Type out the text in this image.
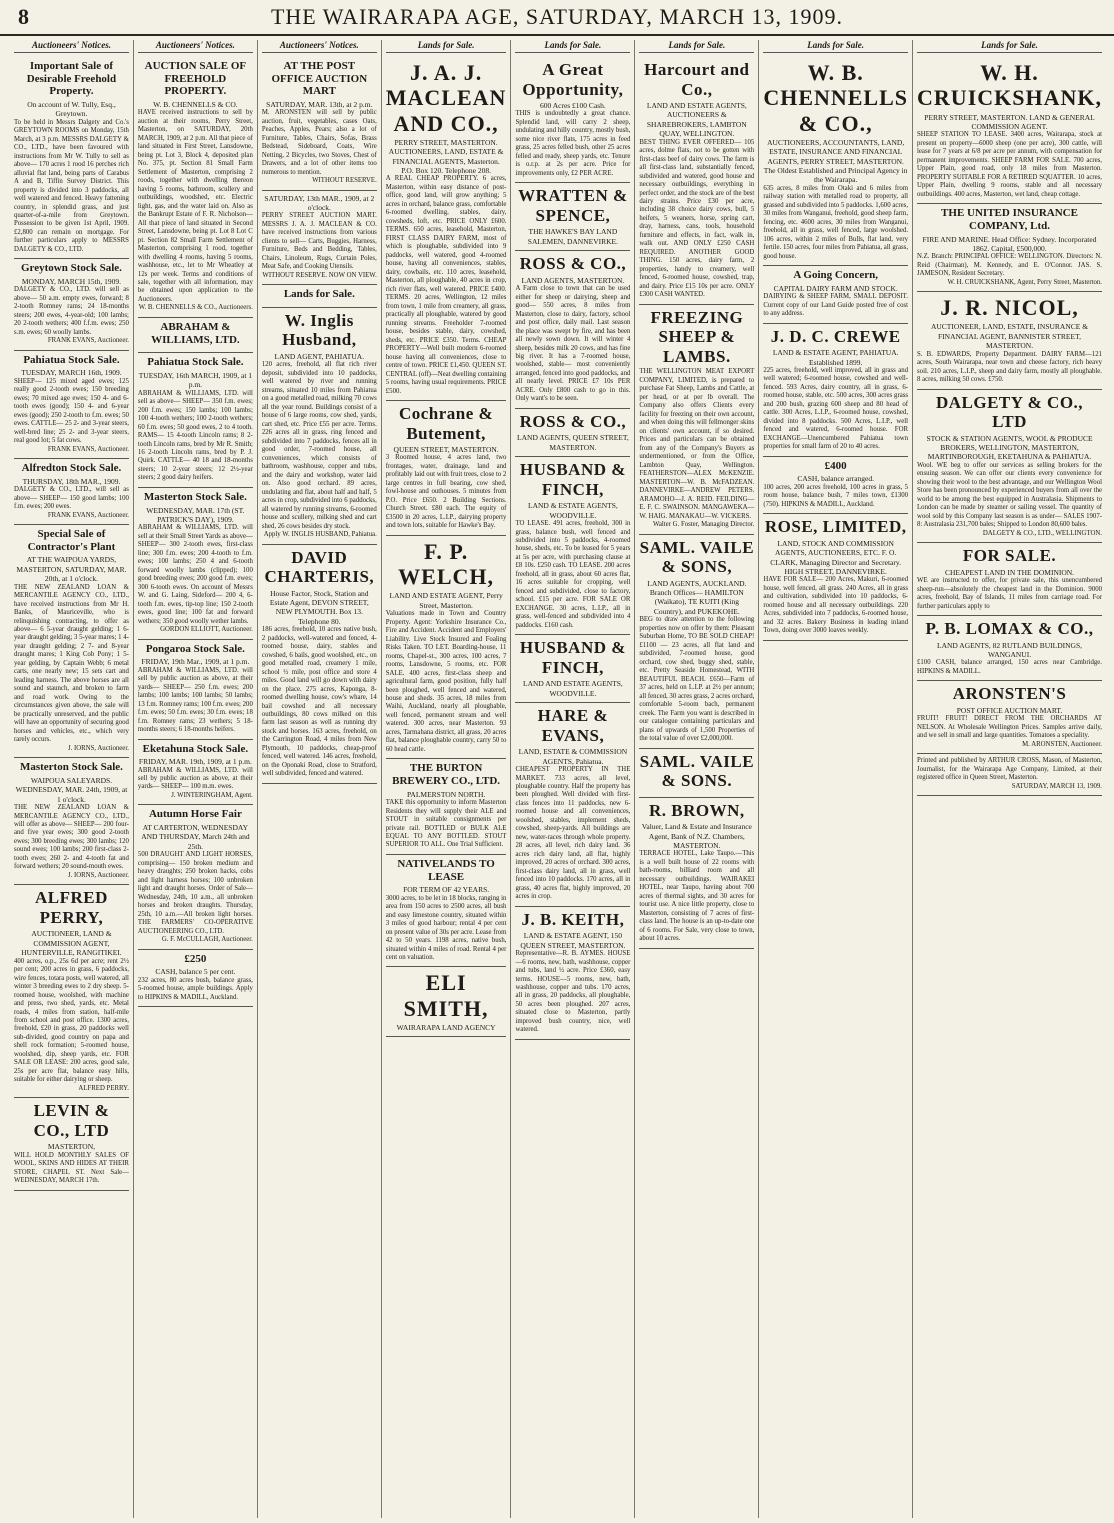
8	THE WAIRARAPA AGE, SATURDAY, MARCH 13, 1909.
Auctioneers' Notices.
Important Sale of Desirable Freehold Property.
On account of W. Tully, Esq., Greytown.

To be held in Messrs Dalgety and Co.'s GREYTOWN ROOMS on Monday, 15th March, at 3 p.m. MESSRS DALGETY & CO., LTD., have been favoured with instructions from Mr W. Tully to sell as above— 170 acres 1 rood 16 perches rich alluvial flat land, being parts of Carabus A and B, Tiffin Survey District. This property is divided into 3 paddocks, all well watered and fenced. Heavy fattening country, in splendid grass, and just quarter-of-a-mile from Greytown. Possession to be given 1st April, 1909. £2,800 can remain on mortgage. For further particulars apply to MESSRS DALGETY & CO., LTD.

Greytown Stock Sale.
MONDAY, MARCH 15th, 1909.

DALGETY & CO., LTD. will sell as above— 50 a.m. empty ewes, forward; 8 2-tooth Romney rams; 24 18-months steers; 200 ewes, 4-year-old; 100 lambs; 20 2-tooth wethers; 400 f.f.m. ewes; 250 s.m. ewes; 60 woolly lambs.

FRANK EVANS, Auctioneer.

Pahiatua Stock Sale.
TUESDAY, MARCH 16th, 1909.

SHEEP— 125 mixed aged ewes; 125 really good 2-tooth ewes; 150 breeding ewes; 70 mixed age ewes; 150 4- and 6-tooth ewes (good); 150 4- and 6-year ewes (good); 250 2-tooth to f.m. ewes; 50 ewes. CATTLE— 25 2- and 3-year steers, well-bred line; 25 2- and 3-year steers, real good lot; 5 fat cows.

FRANK EVANS, Auctioneer.

Alfredton Stock Sale.
THURSDAY, 18th MAR., 1909.

DALGETY & CO., LTD., will sell as above— SHEEP— 150 good lambs; 100 f.m. ewes; 200 ewes.

FRANK EVANS, Auctioneer.

Special Sale of Contractor's Plant
AT THE WAIPOUA YARDS, MASTERTON, SATURDAY, MAR. 20th, at 1 o'clock.

THE NEW ZEALAND LOAN & MERCANTILE AGENCY CO., LTD., have received instructions from Mr H. Banks, of Mauriceville, who is relinquishing contracting, to offer as above— 6 5-year draught gelding; 1 6-year draught gelding; 3 5-year mares; 1 4-year draught gelding; 2 7- and 8-year draught mares; 1 King Cob Pony; 1 5-year gelding, by Captain Webb; 6 metal carts, one nearly new; 15 sets cart and leading harness. The above horses are all sound and staunch, and broken to farm and road work. Owing to the circumstances given above, the sale will be practically unreserved, and the public will have an opportunity of securing good horses and vehicles, etc., which very rarely occurs.

J. IORNS, Auctioneer.

Masterton Stock Sale.
WAIPOUA SALEYARDS. WEDNESDAY, MAR. 24th, 1909, at 1 o'clock.

THE NEW ZEALAND LOAN & MERCANTILE AGENCY CO., LTD., will offer as above— SHEEP— 200 four-and five year ewes; 300 good 2-tooth ewes; 300 breeding ewes; 300 lambs; 120 sound ewes; 100 lambs; 200 first-class 2-tooth ewes; 260 2- and 4-tooth fat and forward wethers; 20 sound-mouth ewes.

J. IORNS, Auctioneer.

ALFRED PERRY,
AUCTIONEER, LAND & COMMISSION AGENT, HUNTERVILLE, RANGITIKEI.

400 acres, o.p., 25s 6d per acre; rent 2½ per cent; 200 acres in grass, 6 paddocks, wire fences, totara posts, well watered, all winter 3 breeding ewes to 2 dry sheep. 5-roomed house, woolshed, with machine and press, two shed, yards, etc. Metal roads, 4 miles from station, half-mile from school and post office. 1300 acres, freehold, £20 in grass, 20 paddocks well sub-divided, good country on papa and shell rock formation; 5-roomed house, woolshed, dip, sheep yards, etc. FOR SALE OR LEASE: 200 acres, good sale, 25s per acre flat, balance easy hills, suitable for either dairying or sheep.

ALFRED PERRY.

LEVIN & CO., LTD
MASTERTON,

WILL HOLD MONTHLY SALES OF WOOL, SKINS AND HIDES AT THEIR STORE, CHAPEL ST. Next Sale— WEDNESDAY, MARCH 17th.

Auctioneers' Notices.
AUCTION SALE OF FREEHOLD PROPERTY.
W. B. CHENNELLS & CO.

HAVE received instructions to sell by auction at their rooms, Perry Street, Masterton, on SATURDAY, 20th MARCH, 1909, at 2 p.m. All that piece of land situated in First Street, Lansdowne, being pt. Lot 3, Block 4, deposited plan No. 375, pt. Section 81 Small Farm Settlement of Masterton, comprising 2 roods, together with dwelling thereon having 5 rooms, bathroom, scullery and outbuildings, woodshed, etc. Electric light, gas, and the water laid on. Also as the Bankrupt Estate of F. R. Nicholson— All that piece of land situated in Second Street, Lansdowne, being pt. Lot 8 Lot C pt. Section 82 Small Farm Settlement of Masterton, comprising 1 rood, together with dwelling 4 rooms, having 5 rooms, washhouse, etc., let to Mr Wheatley at 12s per week. Terms and conditions of sale, together with all information, may be obtained upon application to the Auctioneers.

W. B. CHENNELLS & CO., Auctioneers.

ABRAHAM & WILLIAMS, LTD.
Pahiatua Stock Sale.
TUESDAY, 16th MARCH, 1909, at 1 p.m.

ABRAHAM & WILLIAMS, LTD. will sell as above— SHEEP— 350 f.m. ewes; 200 f.m. ewes; 150 lambs; 100 lambs; 100 4-tooth wethers; 100 2-tooth wethers; 60 f.m. ewes; 50 good ewes, 2 to 4 tooth. RAMS— 15 4-tooth Lincoln rams; 8 2-tooth Lincoln rams, bred by Mr R. Smith; 16 2-tooth Lincoln rams, bred by P. J. Quirk. CATTLE— 40 18 and 18-months steers; 10 2-year steers; 12 2½-year steers; 2 good dairy heifers.

Masterton Stock Sale.
WEDNESDAY, MAR. 17th (ST. PATRICK'S DAY), 1909.

ABRAHAM & WILLIAMS, LTD. will sell at their Small Street Yards as above— SHEEP— 300 2-tooth ewes, first-class line; 300 f.m. ewes; 200 4-tooth to f.m. ewes; 100 lambs; 250 4 and 6-tooth forward woolly lambs (clipped); 100 good breeding ewes; 200 good f.m. ewes; 300 6-tooth ewes. On account of Messrs W. and G. Laing, Sideford— 200 4, 6-tooth f.m. ewes, tip-top line; 150 2-tooth ewes, good line; 100 fat and forward wethers; 350 good woolly wether lambs.

GORDON ELLIOTT, Auctioneer.

Pongaroa Stock Sale.
FRIDAY, 19th Mar., 1909, at 1 p.m.

ABRAHAM & WILLIAMS, LTD. will sell by public auction as above, at their yards— SHEEP— 250 f.m. ewes; 200 lambs; 100 lambs; 100 lambs; 50 lambs; 13 f.m. Romney rams; 100 f.m. ewes; 200 f.m. ewes; 50 f.m. ewes; 30 f.m. ewes; 18 f.m. Romney rams; 23 wethers; 5 18-months steers; 6 18-months heifers.

Eketahuna Stock Sale.
FRIDAY, MAR. 19th, 1909, at 1 p.m.

ABRAHAM & WILLIAMS, LTD. will sell by public auction as above, at their yards— SHEEP— 100 m.m. ewes.

J. WINTERINGHAM, Agent.

Autumn Horse Fair
AT CARTERTON, WEDNESDAY AND THURSDAY, March 24th and 25th.

500 DRAUGHT AND LIGHT HORSES, comprising— 150 broken medium and heavy draughts; 250 broken hacks, cobs and light harness horses; 100 unbroken light and draught horses. Order of Sale— Wednesday, 24th, 10 a.m., all unbroken horses and broken draughts. Thursday, 25th, 10 a.m.—All broken light horses. THE FARMERS' CO-OPERATIVE AUCTIONEERING CO., LTD.

G. F. McCULLAGH, Auctioneer.

£250
CASH, balance 5 per cent.

232 acres, 80 acres bush, balance grass, 5-roomed house, ample buildings. Apply to HIPKINS & MADILL, Auckland.

Auctioneers' Notices.
AT THE POST OFFICE AUCTION MART
SATURDAY, MAR. 13th, at 2 p.m.

M. ARONSTEN will sell by public auction, fruit, vegetables, cases Oats, Peaches, Apples, Pears; also a lot of Furniture, Tables, Chairs, Sofas, Brass Bedstead, Sideboard, Coats, Wire Netting, 2 Bicycles, two Stoves, Chest of Drawers, and a lot of other items too numerous to mention.

WITHOUT RESERVE.

SATURDAY, 13th MAR., 1909, at 2 o'clock.

PERRY STREET AUCTION MART. MESSRS J. A. J. MACLEAN & CO. have received instructions from various clients to sell— Carts, Buggies, Harness, Furniture, Beds and Bedding, Tables, Chairs, Linoleum, Rugs, Curtain Poles, Meat Safe, and Cooking Utensils.

WITHOUT RESERVE. NOW ON VIEW.

Lands for Sale.
W. Inglis Husband,
LAND AGENT, PAHIATUA.

120 acres, freehold, all flat rich river deposit, subdivided into 10 paddocks, well watered by river and running streams, situated 10 miles from Pahiatua on a good metalled road, milking 70 cows all the year round. Buildings consist of a house of 6 large rooms, cow shed, yards, cart shed, etc. Price £55 per acre. Terms. 226 acres all in grass, ring fenced and subdivided into 7 paddocks, fences all in good order, 7-roomed house, all conveniences, which consists of bathroom, washhouse, copper and tubs, and the dairy and workshop, water laid on. Also good orchard. 89 acres, undulating and flat, about half and half, 5 acres in crop, subdivided into 6 paddocks, all watered by running streams, 6-roomed house and scullery, milking shed and cart shed, 26 cows besides dry stock.

Apply W. INGLIS HUSBAND, Pahiatua.

DAVID CHARTERIS,
House Factor, Stock, Station and Estate Agent, DEVON STREET, NEW PLYMOUTH. Box 13. Telephone 80.

186 acres, freehold, 10 acres native bush, 2 paddocks, well-watered and fenced, 4-roomed house, dairy, stables and cowshed, 6 bails, good woolshed, etc., on good metalled road, creamery 1 mile, school ½ mile, post office and store 4 miles. Good land will go down with dairy on the place. 275 acres, Kaponga, 8-roomed dwelling house, cow's whare, 14 bail cowshed and all necessary outbuildings, 80 cows milked on this farm last season as well as running dry stock and horses. 163 acres, freehold, on the Carrington Road, 4 miles from New Plymouth, 10 paddocks, cheap-proof fenced, well watered. 146 acres, freehold, on the Oponaki Road, close to Stratford, well subdivided, fenced and watered.

Lands for Sale.
J. A. J. MACLEAN AND CO.,
PERRY STREET, MASTERTON. AUCTIONEERS, LAND, ESTATE & FINANCIAL AGENTS, Masterton. P.O. Box 120. Telephone 208.

A REAL CHEAP PROPERTY. 6 acres, Masterton, within easy distance of post-office, good land, will grow anything; 5 acres in orchard, balance grass, comfortable 6-roomed dwelling, stables, dairy, cowsheds, loft, etc. PRICE ONLY £600. TERMS. 650 acres, leasehold, Masterton, FIRST CLASS DAIRY FARM, most of which is ploughable, subdivided into 9 paddocks, well watered, good 4-roomed house, having all conveniences, stables, dairy, cowbails, etc. 110 acres, leasehold, Masterton, all ploughable, 40 acres in crop, rich river flats, well watered. PRICE £400. TERMS. 20 acres, Wellington, 12 miles from town, 1 mile from creamery, all grass, practically all ploughable, watered by good running streams. Freeholder 7-roomed house, besides stable, dairy, cowshed, sheds, etc. PRICE £350. Terms. CHEAP PROPERTY—Well built modern 6-roomed house having all conveniences, close to centre of town. PRICE £1,450. QUEEN ST. CENTRAL (off)—Neat dwelling containing 5 rooms, having usual requirements. PRICE £500.

Cochrane & Butement,
QUEEN STREET, MASTERTON.

3 Roomed house, 4 acres land, two frontages, water, drainage, land and profitably laid out with fruit trees, close to 2 large centres in full bearing, cow shed, fowl-house and outhouses. 5 minutes from P.O. Price £650. 2 Building Sections. Church Street. £80 each. The equity of £3500 in 20 acres, L.I.P., dairying property and town lots, suitable for Hawke's Bay.

F. P. WELCH,
LAND AND ESTATE AGENT, Perry Street, Masterton.

Valuations made in Town and Country Property. Agent: Yorkshire Insurance Co., Fire and Accident. Accident and Employers' Liability. Live Stock Insured and Foaling Risks Taken. TO LET. Boarding-house, 11 rooms, Chapel-st., 300 acres, 100 acres, 7 rooms, Lansdowne, 5 rooms, etc. FOR SALE. 400 acres, first-class sheep and agricultural farm, good position, fully half been ploughed, well fenced and watered, house and sheds. 35 acres, 18 miles from Waihi, Auckland, nearly all ploughable, well fenced, permanent stream and well watered. 300 acres, near Masterton. 93 acres, Tarmahana district, all grass, 20 acres flat, balance ploughable country, carry 50 to 60 head cattle.

THE BURTON BREWERY CO., LTD.
PALMERSTON NORTH.

TAKE this opportunity to inform Masterton Residents they will supply their ALE and STOUT in suitable consignments per private rail. BOTTLED or BULK ALE EQUAL TO ANY BOTTLED. STOUT SUPERIOR TO ALL. One Trial Sufficient.

NATIVELANDS TO LEASE
FOR TERM OF 42 YEARS.

3000 acres, to be let in 18 blocks, ranging in area from 150 acres to 2500 acres, all bush and easy limestone country, situated within 3 miles of good harbour; rental 4 per cent on present value of 30s per acre. Lease from 42 to 50 years. 1198 acres, native bush, situated within 4 miles of road. Rental 4 per cent on valuation.

ELI SMITH,
WAIRARAPA LAND AGENCY
Lands for Sale.
A Great Opportunity,
600 Acres £100 Cash.

THIS is undoubtedly a great chance. Splendid land, will carry 2 sheep, undulating and hilly country, mostly bush, some nice river flats, 175 acres in feed grass, 25 acres felled bush, other 25 acres felled and ready, sheep yards, etc. Tenure is o.r.p. at 2s per acre. Price for improvements only, £2 PER ACRE.

WRATTEN & SPENCE,
THE HAWKE'S BAY LAND SALEMEN, DANNEVIRKE.
ROSS & CO.,
LAND AGENTS, MASTERTON.

A Farm close to town that can be used either for sheep or dairying, sheep and good— 550 acres, 8 miles from Masterton, close to dairy, factory, school and post office, daily mail. Last season the place was swept by fire, and has been all newly sown down. It will winter 4 sheep, besides milk 20 cows, and has fine big river. It has a 7-roomed house, woolshed, stable— most conveniently arranged, fenced into good paddocks, and all nearly level. PRICE £7 10s PER ACRE. Only £800 cash to go in this. Only want's to be seen.

ROSS & CO.,
LAND AGENTS, QUEEN STREET, MASTERTON.
HUSBAND & FINCH,
LAND & ESTATE AGENTS, WOODVILLE.

TO LEASE. 491 acres, freehold, 300 in grass, balance bush, well fenced and subdivided into 5 paddocks, 4-roomed house, sheds, etc. To be leased for 5 years at 5s per acre, with purchasing clause at £8 10s. £250 cash. TO LEASE. 200 acres freehold, all in grass, about 60 acres flat, 16 acres suitable for cropping, well fenced and subdivided, close to factory, school. £15 per acre. FOR SALE OR EXCHANGE. 30 acres, L.I.P., all in grass, well-fenced and subdivided into 4 paddocks. £160 cash.

HUSBAND & FINCH,
LAND AND ESTATE AGENTS, WOODVILLE.
HARE & EVANS,
LAND, ESTATE & COMMISSION AGENTS, Pahiatua.

CHEAPEST PROPERTY IN THE MARKET. 733 acres, all level, ploughable country. Half the property has been ploughed. Well divided with first-class fences into 11 paddocks, new 6-roomed house and all conveniences, woolshed, stables, implement sheds, cowshed, sheep-yards. All buildings are new, water-races through whole property. 28 acres, all level, rich dairy land. 36 acres rich dairy land, all flat, highly improved, 20 acres of orchard. 300 acres, first-class dairy land, all in grass, well fenced into 10 paddocks. 170 acres, all in grass, 40 acres flat, highly improved, 20 acres in crop.

J. B. KEITH,
LAND & ESTATE AGENT, 150 QUEEN STREET, MASTERTON.

Representative—R. B. AYMES. HOUSE—6 rooms, new, bath, washhouse, copper and tubs, land ½ acre. Price £360, easy terms. HOUSE—5 rooms, new, bath, washhouse, copper and tubs. 170 acres, all in grass, 20 paddocks, all ploughable, 50 acres been ploughed. 207 acres, situated close to Masterton, partly improved bush country, nice, well watered.

Lands for Sale.
Harcourt and Co.,
LAND AND ESTATE AGENTS, AUCTIONEERS & SHAREBROKERS, LAMBTON QUAY, WELLINGTON.

BEST THING EVER OFFERED— 105 acres, dolme flats, not to be gotten with first-class beef of dairy cows. The farm is all first-class land, substantially fenced, subdivided and watered, good house and necessary outbuildings, everything in perfect order, and the stock are of the best dairy strains. Price £30 per acre, including 38 choice dairy cows, bull, 5 heifers, 5 weaners, horse, spring cart, dray, harness, cans, tools, household furniture and effects, in fact, walk in, walk out. AND ONLY £250 CASH REQUIRED. ANOTHER GOOD THING. 150 acres, dairy farm, 2 properties, handy to creamery, well fenced, 6-roomed house, cowshed, trap, and dairy. Price £15 10s per acre. ONLY £300 CASH WANTED.

FREEZING SHEEP & LAMBS.

THE WELLINGTON MEAT EXPORT COMPANY, LIMITED, is prepared to purchase Fat Sheep, Lambs and Cattle, at per head, or at per lb overall. The Company also offers Clients every facility for freezing on their own account, and when doing this will fellmonger skins on clients' own account, if so desired. Prices and particulars can be obtained from any of the Company's Buyers as undermentioned, or from the Office, Lambton Quay, Wellington. FEATHERSTON—ALEX McKENZIE. MASTERTON—W. B. McFADZEAN. DANNEVIRKE—ANDREW PETERS. ARAMOHO—J. A. REID. FEILDING—E. F. C. SWAINSON. MANGAWEKA—W. HAIG. MANAKAU—W. VICKERS.

Walter G. Foster, Managing Director.

SAML. VAILE & SONS,
LAND AGENTS, AUCKLAND. Branch Offices— HAMILTON (Waikato), TE KUITI (King Country), and PUKEKOHE.

BEG to draw attention to the following properties now on offer by them: Pleasant Suburban Home, TO BE SOLD CHEAP! £1100 — 23 acres, all flat land and subdivided, 7-roomed house, good orchard, cow shed, buggy shed, stable, etc. Pretty Seaside Homestead, WITH BEAUTIFUL BEACH. £650—Farm of 37 acres, held on L.I.P. at 2½ per annum; all fenced, 30 acres grass, 2 acres orchard, comfortable 5-room bach, permanent creek. The Farm you want is described in our catalogue containing particulars and plans of upwards of 1,500 Properties of the total value of over £2,000,000.

SAML. VAILE & SONS.
R. BROWN,
Valuer, Land & Estate and Insurance Agent, Bank of N.Z. Chambers, MASTERTON.

TERRACE HOTEL, Lake Taupo.—This is a well built house of 22 rooms with bath-rooms, billiard room and all necessary outbuildings. WAIRAKEI HOTEL, near Taupo, having about 700 acres of thermal sights, and 30 acres for tourist use. A nice little property, close to Masterton, consisting of 7 acres of first-class land. The house is an up-to-date one of 6 rooms. For Sale, very close to town, about 10 acres.

Lands for Sale.
W. B. CHENNELLS & CO.,
AUCTIONEERS, ACCOUNTANTS, LAND, ESTATE, INSURANCE AND FINANCIAL AGENTS, PERRY STREET, MASTERTON. The Oldest Established and Principal Agency in the Wairarapa.

635 acres, 8 miles from Otaki and 6 miles from railway station with metalled road to property, all grassed and subdivided into 5 paddocks. 1,600 acres, 30 miles from Wanganui, freehold, good sheep farm, fencing, etc. 4600 acres, 30 miles from Wanganui, freehold, all in grass, well fenced, large woolshed. 106 acres, within 2 miles of Bulls, flat land, very fertile. 150 acres, four miles from Pahiatua, all grass, good house.

A Going Concern,
CAPITAL DAIRY FARM AND STOCK.

DAIRYING & SHEEP FARM, SMALL DEPOSIT. Current copy of our Land Guide posted free of cost to any address.

J. D. C. CREWE
LAND & ESTATE AGENT, PAHIATUA. Established 1899.

225 acres, freehold, well improved, all in grass and well watered; 6-roomed house, cowshed and well-fenced. 593 Acres, dairy country, all in grass, 6-roomed house, stable, etc. 500 acres, 300 acres grass and 200 bush, grazing 600 sheep and 80 head of cattle. 300 Acres, L.I.P., 6-roomed house, cowshed, divided into 8 paddocks. 500 Acres, L.I.P., well fenced and watered, 6-roomed house. FOR EXCHANGE—Unencumbered Pahiatua town properties for small farm of 20 to 40 acres.

£400
CASH, balance arranged.

100 acres, 200 acres freehold, 100 acres in grass, 5 room house, balance bush, 7 miles town, £1300 (750). HIPKINS & MADILL, Auckland.

ROSE, LIMITED,
LAND, STOCK AND COMMISSION AGENTS, AUCTIONEERS, ETC. F. O. CLARK, Managing Director and Secretary. HIGH STREET, DANNEVIRKE.

HAVE FOR SALE— 200 Acres, Makuri, 6-roomed house, well fenced, all grass. 240 Acres, all in grass and cultivation, subdivided into 10 paddocks, 6-roomed house and all necessary outbuildings. 220 Acres, subdivided into 7 paddocks, 6-roomed house, and 32 acres. Bakery Business in leading inland Town, doing over 3000 loaves weekly.

Lands for Sale.
W. H. CRUICKSHANK,
PERRY STREET, MASTERTON. LAND & GENERAL COMMISSION AGENT.

SHEEP STATION TO LEASE. 3400 acres, Wairarapa, stock at present on property—6000 sheep (one per acre), 300 cattle, will lease for 7 years at 6/8 per acre per annum, with compensation for permanent improvements. SHEEP FARM FOR SALE. 700 acres, Upper Plain, good road, only 18 miles from Masterton. PROPERTY SUITABLE FOR A RETIRED SQUATTER. 10 acres, Upper Plain, dwelling 9 rooms, stable and all necessary outbuildings. 400 acres, Masterton, wet land, cheap cottage.

THE UNITED INSURANCE COMPANY, Ltd.
FIRE AND MARINE. Head Office: Sydney. Incorporated 1862. Capital, £500,000.

N.Z. Branch: PRINCIPAL OFFICE: WELLINGTON. Directors: N. Reid (Chairman), M. Kennedy, and E. O'Connor. JAS. S. JAMESON, Resident Secretary.

W. H. CRUICKSHANK, Agent, Perry Street, Masterton.

J. R. NICOL,
AUCTIONEER, LAND, ESTATE, INSURANCE & FINANCIAL AGENT, BANNISTER STREET, MASTERTON.

S. B. EDWARDS, Property Department. DAIRY FARM—121 acres, South Wairarapa, near town and cheese factory, rich heavy soil. 210 acres, L.I.P., sheep and dairy farm, mostly all ploughable. 8 acres, milking 50 cows. £750.

DALGETY & CO., LTD
STOCK & STATION AGENTS, WOOL & PRODUCE BROKERS, WELLINGTON, MASTERTON, MARTINBOROUGH, EKETAHUNA & PAHIATUA.

Wool. WE beg to offer our services as selling brokers for the ensuing season. We can offer our clients every convenience for showing their wool to the best advantage, and our Wellington Wool Store has been pronounced by experienced buyers from all over the world to be among the best equipped in Australasia. Shipments to London can be made by steamer or sailing vessel. The quantity of wool sold by this Company last season is as under— SALES 1907-8: Australasia 231,700 bales; Shipped to London 80,600 bales.

DALGETY & CO., LTD., WELLINGTON.

FOR SALE.
CHEAPEST LAND IN THE DOMINION.

WE are instructed to offer, for private sale, this unencumbered sheep-run—absolutely the cheapest land in the Dominion. 9000 acres, freehold, Bay of Islands, 11 miles from carriage road. For further particulars apply to

P. B. LOMAX & CO.,
LAND AGENTS, 82 RUTLAND BUILDINGS, WANGANUI.

£100 CASH, balance arranged, 150 acres near Cambridge. HIPKINS & MADILL.

ARONSTEN'S
POST OFFICE AUCTION MART.

FRUIT! FRUIT! DIRECT FROM THE ORCHARDS AT NELSON. At Wholesale Wellington Prices. Samples arrive daily, and we sell in small and large quantities. Tomatoes a speciality.

M. ARONSTEN, Auctioneer.

Printed and published by ARTHUR CROSS, Mason, of Masterton, Journalist, for the Wairarapa Age Company, Limited, at their registered office in Queen Street, Masterton.

SATURDAY, MARCH 13, 1909.
